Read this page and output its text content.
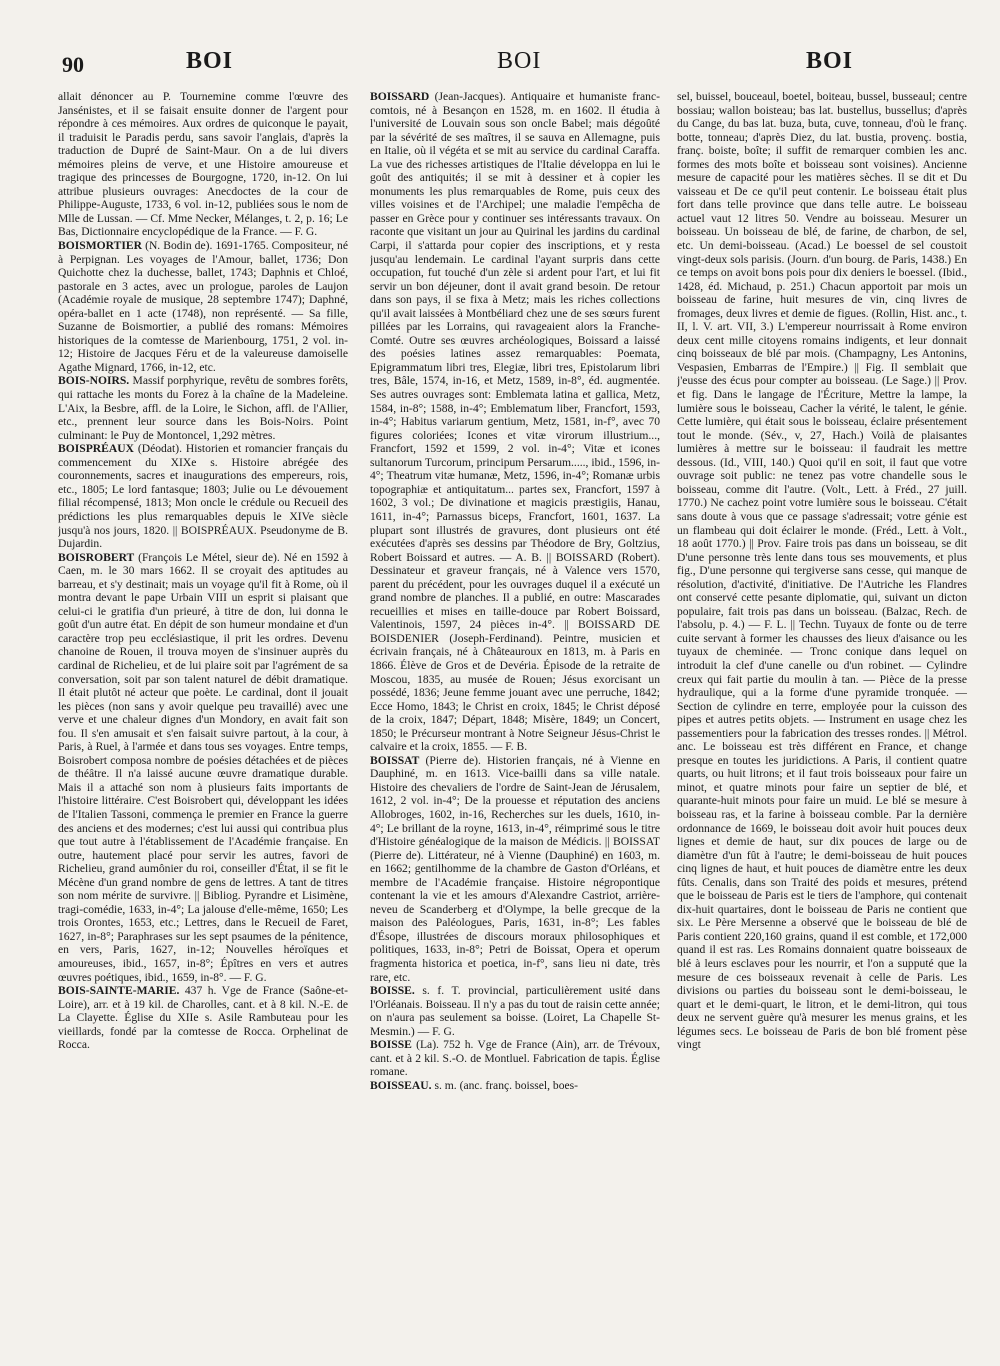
90	BOI	BOI	BOI

allait dénoncer au P. Tournemine comme l'œuvre des Jansénistes, et il se faisait ensuite donner de l'argent pour répondre à ces mémoires. Aux ordres de quiconque le payait, il traduisit le Paradis perdu, sans savoir l'anglais, d'après la traduction de Dupré de Saint-Maur. On a de lui divers mémoires pleins de verve, et une Histoire amoureuse et tragique des princesses de Bourgogne, 1720, in-12. On lui attribue plusieurs ouvrages: Anecdoctes de la cour de Philippe-Auguste, 1733, 6 vol. in-12, publiées sous le nom de Mlle de Lussan. — Cf. Mme Necker, Mélanges, t. 2, p. 16; Le Bas, Dictionnaire encyclopédique de la France. — F. G.

BOISMORTIER (N. Bodin de). 1691-1765. Compositeur, né à Perpignan. Les voyages de l'Amour, ballet, 1736; Don Quichotte chez la duchesse, ballet, 1743; Daphnis et Chloé, pastorale en 3 actes, avec un prologue, paroles de Laujon (Académie royale de musique, 28 septembre 1747); Daphné, opéra-ballet en 1 acte (1748), non représenté. — Sa fille, Suzanne de Boismortier, a publié des romans: Mémoires historiques de la comtesse de Marienbourg, 1751, 2 vol. in-12; Histoire de Jacques Féru et de la valeureuse damoiselle Agathe Mignard, 1766, in-12, etc.

BOIS-NOIRS. Massif porphyrique, revêtu de sombres forêts, qui rattache les monts du Forez à la chaîne de la Madeleine. L'Aix, la Besbre, affl. de la Loire, le Sichon, affl. de l'Allier, etc., prennent leur source dans les Bois-Noirs. Point culminant: le Puy de Montoncel, 1,292 mètres.

BOISPRÉAUX (Déodat). Historien et romancier français du commencement du XIXe s. Histoire abrégée des couronnements, sacres et inaugurations des empereurs, rois, etc., 1805; Le lord fantasque; 1803; Julie ou Le dévouement filial récompensé, 1813; Mon oncle le crédule ou Recueil des prédictions les plus remarquables depuis le XIVe siècle jusqu'à nos jours, 1820. || BOISPRÉAUX. Pseudonyme de B. Dujardin.

BOISROBERT (François Le Métel, sieur de). Né en 1592 à Caen, m. le 30 mars 1662. Il se croyait des aptitudes au barreau, et s'y destinait; mais un voyage qu'il fit à Rome, où il montra devant le pape Urbain VIII un esprit si plaisant que celui-ci le gratifia d'un prieuré, à titre de don, lui donna le goût d'un autre état. En dépit de son humeur mondaine et d'un caractère trop peu ecclésiastique, il prit les ordres. Devenu chanoine de Rouen, il trouva moyen de s'insinuer auprès du cardinal de Richelieu, et de lui plaire soit par l'agrément de sa conversation, soit par son talent naturel de débit dramatique. Il était plutôt né acteur que poète. Le cardinal, dont il jouait les pièces (non sans y avoir quelque peu travaillé) avec une verve et une chaleur dignes d'un Mondory, en avait fait son fou. Il s'en amusait et s'en faisait suivre partout, à la cour, à Paris, à Ruel, à l'armée et dans tous ses voyages. Entre temps, Boisrobert composa nombre de poésies détachées et de pièces de théâtre. Il n'a laissé aucune œuvre dramatique durable. Mais il a attaché son nom à plusieurs faits importants de l'histoire littéraire. C'est Boisrobert qui, développant les idées de l'Italien Tassoni, commença le premier en France la guerre des anciens et des modernes; c'est lui aussi qui contribua plus que tout autre à l'établissement de l'Académie française. En outre, hautement placé pour servir les autres, favori de Richelieu, grand aumônier du roi, conseiller d'État, il se fit le Mécène d'un grand nombre de gens de lettres. A tant de titres son nom mérite de survivre. || Bibliog. Pyrandre et Lisimène, tragi-comédie, 1633, in-4°; La jalouse d'elle-même, 1650; Les trois Orontes, 1653, etc.; Lettres, dans le Recueil de Faret, 1627, in-8°; Paraphrases sur les sept psaumes de la pénitence, en vers, Paris, 1627, in-12; Nouvelles héroïques et amoureuses, ibid., 1657, in-8°; Épîtres en vers et autres œuvres poétiques, ibid., 1659, in-8°. — F. G.

BOIS-SAINTE-MARIE. 437 h. Vge de France (Saône-et-Loire), arr. et à 19 kil. de Charolles, cant. et à 8 kil. N.-E. de La Clayette. Église du XIIe s. Asile Rambuteau pour les vieillards, fondé par la comtesse de Rocca. Orphelinat de Rocca.

BOISSARD (Jean-Jacques). Antiquaire et humaniste franc-comtois, né à Besançon en 1528, m. en 1602. Il étudia à l'université de Louvain sous son oncle Babel; mais dégoûté par la sévérité de ses maîtres, il se sauva en Allemagne, puis en Italie, où il végéta et se mit au service du cardinal Caraffa. La vue des richesses artistiques de l'Italie développa en lui le goût des antiquités; il se mit à dessiner et à copier les monuments les plus remarquables de Rome, puis ceux des villes voisines et de l'Archipel; une maladie l'empêcha de passer en Grèce pour y continuer ses intéressants travaux. On raconte que visitant un jour au Quirinal les jardins du cardinal Carpi, il s'attarda pour copier des inscriptions, et y resta jusqu'au lendemain. Le cardinal l'ayant surpris dans cette occupation, fut touché d'un zèle si ardent pour l'art, et lui fit servir un bon déjeuner, dont il avait grand besoin. De retour dans son pays, il se fixa à Metz; mais les riches collections qu'il avait laissées à Montbéliard chez une de ses sœurs furent pillées par les Lorrains, qui ravageaient alors la Franche-Comté. Outre ses œuvres archéologiques, Boissard a laissé des poésies latines assez remarquables: Poemata, Epigrammatum libri tres, Elegiæ, libri tres, Epistolarum libri tres, Bâle, 1574, in-16, et Metz, 1589, in-8°, éd. augmentée. Ses autres ouvrages sont: Emblemata latina et gallica, Metz, 1584, in-8°; 1588, in-4°; Emblematum liber, Francfort, 1593, in-4°; Habitus variarum gentium, Metz, 1581, in-f°, avec 70 figures coloriées; Icones et vitæ virorum illustrium..., Francfort, 1592 et 1599, 2 vol. in-4°; Vitæ et icones sultanorum Turcorum, principum Persarum....., ibid., 1596, in-4°; Theatrum vitæ humanæ, Metz, 1596, in-4°; Romanæ urbis topographiæ et antiquitatum... partes sex, Francfort, 1597 à 1602, 3 vol.; De divinatione et magicis præstigiis, Hanau, 1611, in-4°; Parnassus biceps, Francfort, 1601, 1637. La plupart sont illustrés de gravures, dont plusieurs ont été exécutées d'après ses dessins par Théodore de Bry, Goltzius, Robert Boissard et autres. — A. B. || BOISSARD (Robert). Dessinateur et graveur français, né à Valence vers 1570, parent du précédent, pour les ouvrages duquel il a exécuté un grand nombre de planches. Il a publié, en outre: Mascarades recueillies et mises en taille-douce par Robert Boissard, Valentinois, 1597, 24 pièces in-4°. || BOISSARD DE BOISDENIER (Joseph-Ferdinand). Peintre, musicien et écrivain français, né à Châteauroux en 1813, m. à Paris en 1866. Élève de Gros et de Devéria. Épisode de la retraite de Moscou, 1835, au musée de Rouen; Jésus exorcisant un possédé, 1836; Jeune femme jouant avec une perruche, 1842; Ecce Homo, 1843; le Christ en croix, 1845; le Christ déposé de la croix, 1847; Départ, 1848; Misère, 1849; un Concert, 1850; le Précurseur montrant à Notre Seigneur Jésus-Christ le calvaire et la croix, 1855. — F. B.

BOISSAT (Pierre de). Historien français, né à Vienne en Dauphiné, m. en 1613. Vice-bailli dans sa ville natale. Histoire des chevaliers de l'ordre de Saint-Jean de Jérusalem, 1612, 2 vol. in-4°; De la prouesse et réputation des anciens Allobroges, 1602, in-16, Recherches sur les duels, 1610, in-4°; Le brillant de la royne, 1613, in-4°, réimprimé sous le titre d'Histoire généalogique de la maison de Médicis. || BOISSAT (Pierre de). Littérateur, né à Vienne (Dauphiné) en 1603, m. en 1662; gentilhomme de la chambre de Gaston d'Orléans, et membre de l'Académie française. Histoire négropontique contenant la vie et les amours d'Alexandre Castriot, arrière-neveu de Scanderberg et d'Olympe, la belle grecque de la maison des Paléologues, Paris, 1631, in-8°; Les fables d'Ésope, illustrées de discours moraux philosophiques et politiques, 1633, in-8°; Petri de Boissat, Opera et operum fragmenta historica et poetica, in-f°, sans lieu ni date, très rare, etc.

BOISSE. s. f. T. provincial, particulièrement usité dans l'Orléanais. Boisseau. Il n'y a pas du tout de raisin cette année; on n'aura pas seulement sa boisse. (Loiret, La Chapelle St-Mesmin.) — F. G.

BOISSE (La). 752 h. Vge de France (Ain), arr. de Trévoux, cant. et à 2 kil. S.-O. de Montluel. Fabrication de tapis. Église romane.

BOISSEAU. s. m. (anc. franç. boissel, boes-

sel, buissel, bouceaul, boetel, boiteau, bussel, busseaul; centre bossiau; wallon boisteau; bas lat. bustellus, bussellus; d'après du Cange, du bas lat. buza, buta, cuve, tonneau, d'où le franç. botte, tonneau; d'après Diez, du lat. bustia, provenç. bostia, franç. boiste, boîte; il suffit de remarquer combien les anc. formes des mots boîte et boisseau sont voisines). Ancienne mesure de capacité pour les matières sèches. Il se dit et Du vaisseau et De ce qu'il peut contenir. Le boisseau était plus fort dans telle province que dans telle autre. Le boisseau actuel vaut 12 litres 50. Vendre au boisseau. Mesurer un boisseau. Un boisseau de blé, de farine, de charbon, de sel, etc. Un demi-boisseau. (Acad.) Le boessel de sel coustoit vingt-deux sols parisis. (Journ. d'un bourg. de Paris, 1438.) En ce temps on avoit bons pois pour dix deniers le boessel. (Ibid., 1428, éd. Michaud, p. 251.) Chacun apportoit par mois un boisseau de farine, huit mesures de vin, cinq livres de fromages, deux livres et demie de figues. (Rollin, Hist. anc., t. II, l. V. art. VII, 3.) L'empereur nourrissait à Rome environ deux cent mille citoyens romains indigents, et leur donnait cinq boisseaux de blé par mois. (Champagny, Les Antonins, Vespasien, Embarras de l'Empire.) || Fig. Il semblait que j'eusse des écus pour compter au boisseau. (Le Sage.) || Prov. et fig. Dans le langage de l'Écriture, Mettre la lampe, la lumière sous le boisseau, Cacher la vérité, le talent, le génie. Cette lumière, qui était sous le boisseau, éclaire présentement tout le monde. (Sév., v, 27, Hach.) Voilà de plaisantes lumières à mettre sur le boisseau: il faudrait les mettre dessous. (Id., VIII, 140.) Quoi qu'il en soit, il faut que votre ouvrage soit public: ne tenez pas votre chandelle sous le boisseau, comme dit l'autre. (Volt., Lett. à Fréd., 27 juill. 1770.) Ne cachez point votre lumière sous le boisseau. C'était sans doute à vous que ce passage s'adressait; votre génie est un flambeau qui doit éclairer le monde. (Fréd., Lett. à Volt., 18 août 1770.) || Prov. Faire trois pas dans un boisseau, se dit D'une personne très lente dans tous ses mouvements, et plus fig., D'une personne qui tergiverse sans cesse, qui manque de résolution, d'activité, d'initiative. De l'Autriche les Flandres ont conservé cette pesante diplomatie, qui, suivant un dicton populaire, fait trois pas dans un boisseau. (Balzac, Rech. de l'absolu, p. 4.) — F. L. || Techn. Tuyaux de fonte ou de terre cuite servant à former les chausses des lieux d'aisance ou les tuyaux de cheminée. — Tronc conique dans lequel on introduit la clef d'une canelle ou d'un robinet. — Cylindre creux qui fait partie du moulin à tan. — Pièce de la presse hydraulique, qui a la forme d'une pyramide tronquée. — Section de cylindre en terre, employée pour la cuisson des pipes et autres petits objets. — Instrument en usage chez les passementiers pour la fabrication des tresses rondes. || Métrol. anc. Le boisseau est très différent en France, et change presque en toutes les juridictions. A Paris, il contient quatre quarts, ou huit litrons; et il faut trois boisseaux pour faire un minot, et quatre minots pour faire un septier de blé, et quarante-huit minots pour faire un muid. Le blé se mesure à boisseau ras, et la farine à boisseau comble. Par la dernière ordonnance de 1669, le boisseau doit avoir huit pouces deux lignes et demie de haut, sur dix pouces de large ou de diamètre d'un fût à l'autre; le demi-boisseau de huit pouces cinq lignes de haut, et huit pouces de diamètre entre les deux fûts. Cenalis, dans son Traité des poids et mesures, prétend que le boisseau de Paris est le tiers de l'amphore, qui contenait dix-huit quartaires, dont le boisseau de Paris ne contient que six. Le Père Mersenne a observé que le boisseau de blé de Paris contient 220,160 grains, quand il est comble, et 172,000 quand il est ras. Les Romains donnaient quatre boisseaux de blé à leurs esclaves pour les nourrir, et l'on a supputé que la mesure de ces boisseaux revenait à celle de Paris. Les divisions ou parties du boisseau sont le demi-boisseau, le quart et le demi-quart, le litron, et le demi-litron, qui tous deux ne servent guère qu'à mesurer les menus grains, et les légumes secs. Le boisseau de Paris de bon blé froment pèse vingt
